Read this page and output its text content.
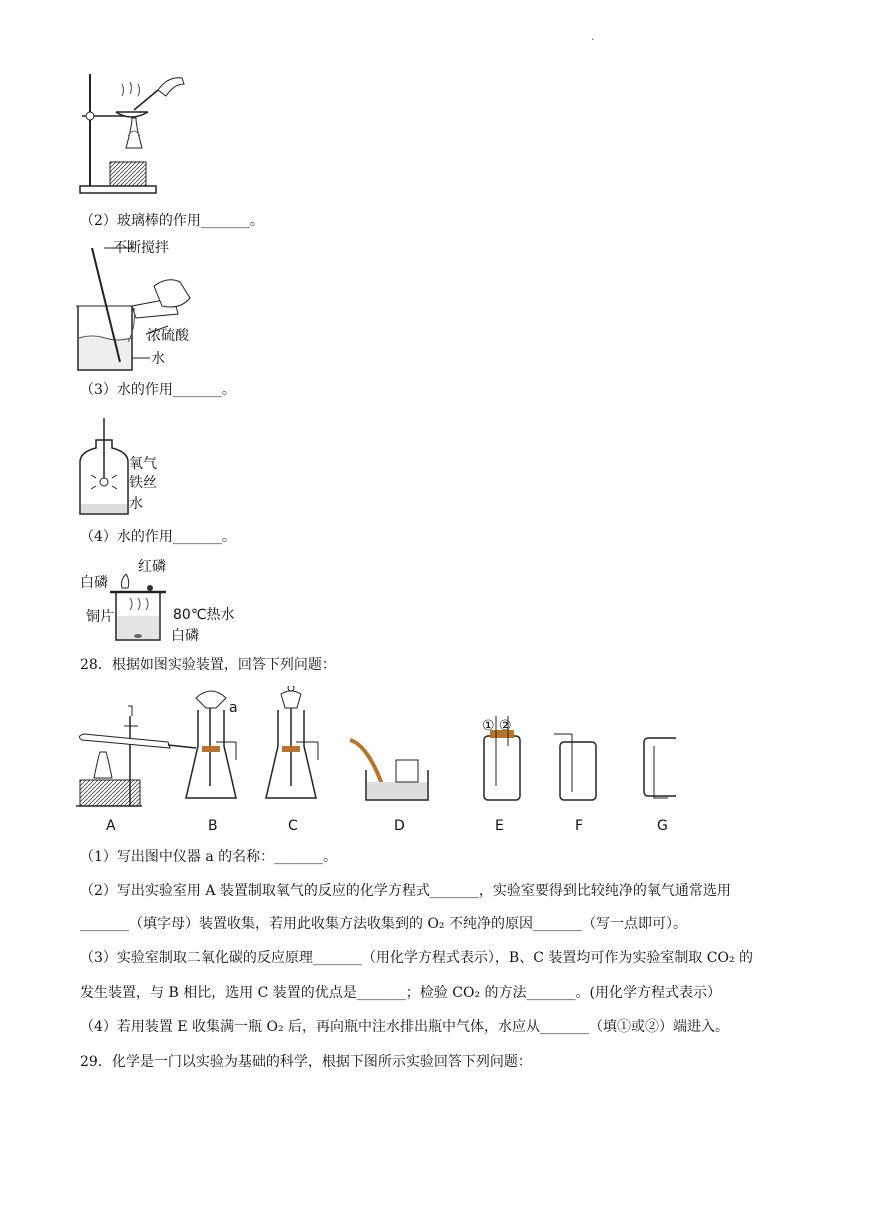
.
（2）玻璃棒的作用_______。
不断搅拌
浓硫酸
水
（3）水的作用_______。
氧气
铁丝
水
（4）水的作用_______。
白磷
红磷
铜片	80℃热水
白磷
28．根据如图实验装置，回答下列问题：
a
① ②
A	B	C	D	E	F	G
（1）写出图中仪器 a 的名称：_______。
（2）写出实验室用 A 装置制取氧气的反应的化学方程式_______，实验室要得到比较纯净的氧气通常选用
_______（填字母）装置收集，若用此收集方法收集到的 O₂ 不纯净的原因_______（写一点即可）。
（3）实验室制取二氧化碳的反应原理_______（用化学方程式表示），B、C 装置均可作为实验室制取 CO₂ 的
发生装置，与 B 相比，选用 C 装置的优点是_______；检验 CO₂ 的方法_______。(用化学方程式表示）
（4）若用装置 E 收集满一瓶 O₂ 后，再向瓶中注水排出瓶中气体，水应从_______（填①或②）端进入。
29．化学是一门以实验为基础的科学，根据下图所示实验回答下列问题：
